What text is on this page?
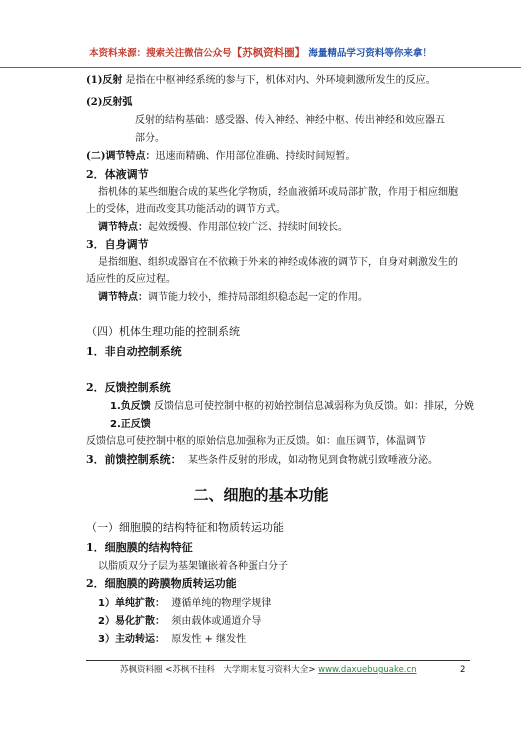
本资料来源：搜索关注微信公众号【苏枫资料圈】 海量精品学习资料等你来拿！
(1)反射 是指在中枢神经系统的参与下，机体对内、外环境刺激所发生的反应。
(2)反射弧
反射的结构基础：感受器、传入神经、神经中枢、传出神经和效应器五
部分。
(二)调节特点：迅速而精确、作用部位准确、持续时间短暂。
2．体液调节
指机体的某些细胞合成的某些化学物质，经血液循环或局部扩散，作用于相应细胞
上的受体，进而改变其功能活动的调节方式。
调节特点：起效缓慢、作用部位较广泛、持续时间较长。
3．自身调节
是指细胞、组织或器官在不依赖于外来的神经或体液的调节下，自身对刺激发生的
适应性的反应过程。
调节特点：调节能力较小，维持局部组织稳态起一定的作用。
（四）机体生理功能的控制系统
1．非自动控制系统
2．反馈控制系统
1.负反馈 反馈信息可使控制中枢的初始控制信息减弱称为负反馈。如：排尿，分娩
2.正反馈
反馈信息可使控制中枢的原始信息加强称为正反馈。如：血压调节，体温调节
3．前馈控制系统： 某些条件反射的形成，如动物见到食物就引致唾液分泌。
二、细胞的基本功能
（一）细胞膜的结构特征和物质转运功能
1．细胞膜的结构特征
以脂质双分子层为基架镶嵌着各种蛋白分子
2．细胞膜的跨膜物质转运功能
1）单纯扩散： 遵循单纯的物理学规律
2）易化扩散： 须由载体或通道介导
3）主动转运： 原发性 + 继发性
苏枫资料圈 <苏枫不挂科　大学期末复习资料大全> www.daxuebuguake.cn	2
